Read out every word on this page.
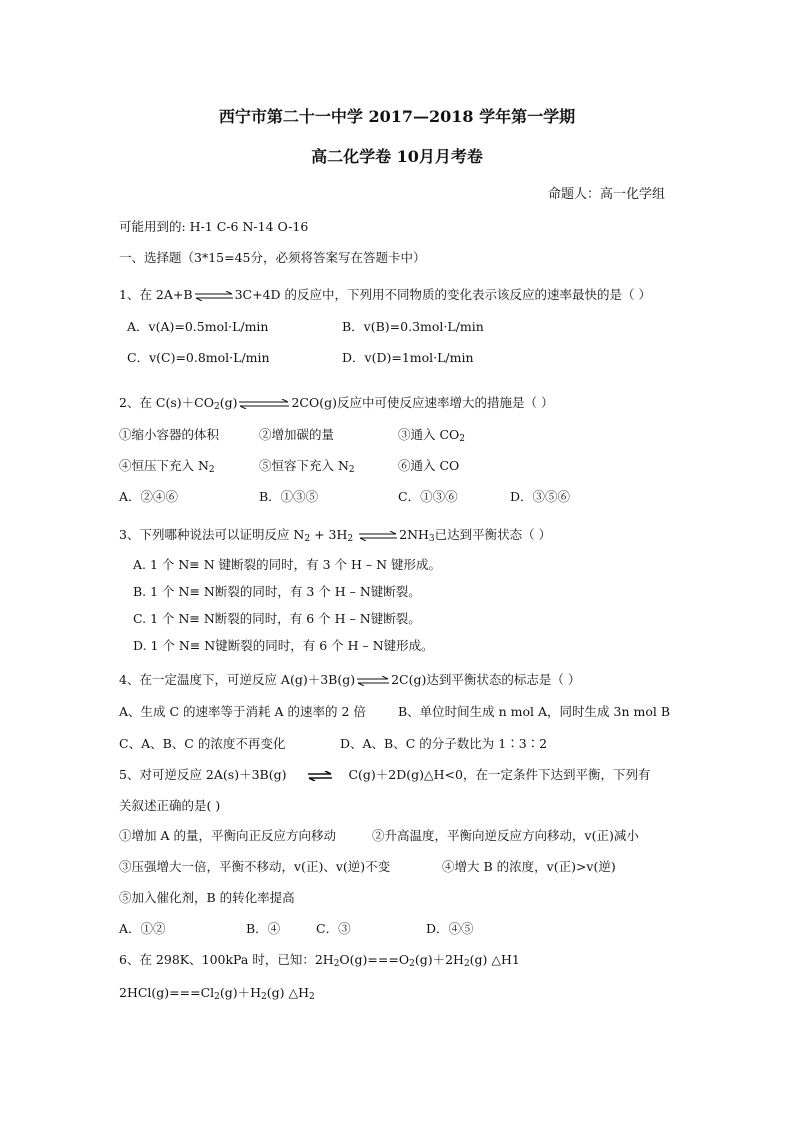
西宁市第二十一中学 2017—2018 学年第一学期
高二化学卷 10月月考卷
命题人：高一化学组
可能用到的: H-1 C-6 N-14 O-16
一、选择题（3*15=45分，必须将答案写在答题卡中）
1、在 2A+B⇌3C+4D 的反应中，下列用不同物质的变化表示该反应的速率最快的是（ ）
A．v(A)=0.5mol·L/min	B．v(B)=0.3mol·L/min
C．v(C)=0.8mol·L/min	D．v(D)=1mol·L/min
2、在 $C(s)+CO_2(g)$	2CO(g)反应中可使反应速率增大的措施是（ ）
①缩小容器的体积	②增加碳的量	③通入 $CO_2$
④恒压下充入 $N_2$	⑤恒容下充入 $N_2$	⑥通入 CO
A．②④⑥	B．①③⑤	C．①③⑥	D．③⑤⑥
3、下列哪种说法可以证明反应 $N_2 + 3H_2$ $\rightleftharpoons 2NH_3$已达到平衡状态（ ）
A. 1 个 N≡ N 键断裂的同时，有 3 个 H – N 键形成。
B. 1 个 N≡ N断裂的同时，有 3 个 H – N键断裂。
C. 1 个 N≡ N断裂的同时，有 6 个 H – N键断裂。
D. 1 个 N≡ N键断裂的同时，有 6 个 H – N键形成。
4、在一定温度下，可逆反应 A(g)＋3B(g)⇌2C(g)达到平衡状态的标志是（ ）
A、生成 C 的速率等于消耗 A 的速率的 2 倍	B、单位时间生成 n mol A，同时生成 3n mol B
C、A、B、C 的浓度不再变化	D、A、B、C 的分子数比为 1∶3∶2
5、对可逆反应 2A(s)＋3B(g) ⇌ C(g)＋2D(g)△H<0，在一定条件下达到平衡，下列有
关叙述正确的是( )
①增加 A 的量，平衡向正反应方向移动	②升高温度，平衡向逆反应方向移动，v(正)减小
③压强增大一倍，平衡不移动，v(正)、v(逆)不变	④增大 B 的浓度，v(正)>v(逆)
⑤加入催化剂，B 的转化率提高
A．①②	B．④	C．③	D．④⑤
6、在 298K、100kPa 时，已知：$2H_2O(g)===O_2(g)+2H_2(g)$ △H1
$2HCl(g)===Cl_2(g)+H_2(g)$ $\triangle H_2$
